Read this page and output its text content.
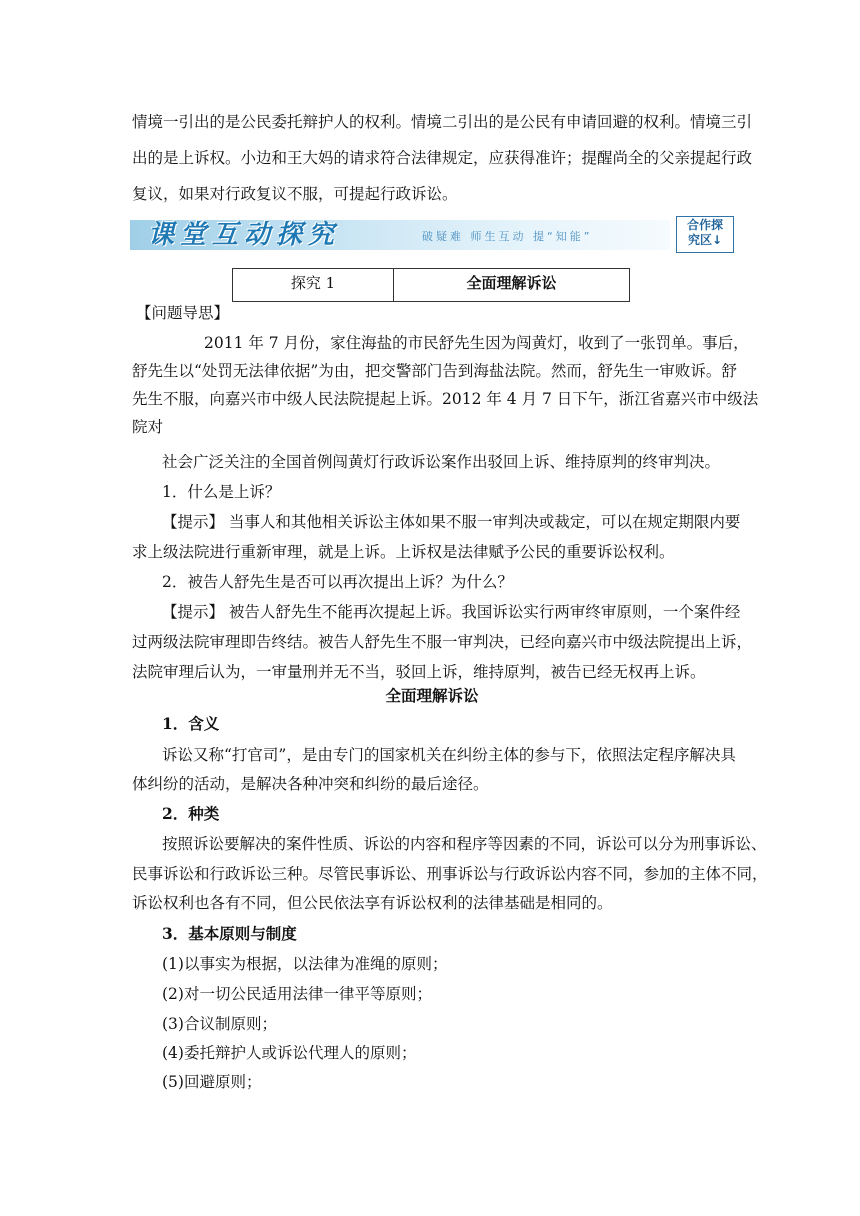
情境一引出的是公民委托辩护人的权利。情境二引出的是公民有申请回避的权利。情境三引
出的是上诉权。小边和王大妈的请求符合法律规定，应获得准许；提醒尚全的父亲提起行政
复议，如果对行政复议不服，可提起行政诉讼。
课堂互动探究	破疑难 师生互动 提“知能”
合作探
究区↓
探究 1	全面理解诉讼
【问题导思】
2011 年 7 月份，家住海盐的市民舒先生因为闯黄灯，收到了一张罚单。事后，
舒先生以“处罚无法律依据”为由，把交警部门告到海盐法院。然而，舒先生一审败诉。舒
先生不服，向嘉兴市中级人民法院提起上诉。2012 年 4 月 7 日下午，浙江省嘉兴市中级法
院对
社会广泛关注的全国首例闯黄灯行政诉讼案作出驳回上诉、维持原判的终审判决。
1．什么是上诉？
【提示】 当事人和其他相关诉讼主体如果不服一审判决或裁定，可以在规定期限内要
求上级法院进行重新审理，就是上诉。上诉权是法律赋予公民的重要诉讼权利。
2．被告人舒先生是否可以再次提出上诉？为什么？
【提示】 被告人舒先生不能再次提起上诉。我国诉讼实行两审终审原则，一个案件经
过两级法院审理即告终结。被告人舒先生不服一审判决，已经向嘉兴市中级法院提出上诉，
法院审理后认为，一审量刑并无不当，驳回上诉，维持原判，被告已经无权再上诉。
全面理解诉讼
1．含义
诉讼又称“打官司”，是由专门的国家机关在纠纷主体的参与下，依照法定程序解决具
体纠纷的活动，是解决各种冲突和纠纷的最后途径。
2．种类
按照诉讼要解决的案件性质、诉讼的内容和程序等因素的不同，诉讼可以分为刑事诉讼、
民事诉讼和行政诉讼三种。尽管民事诉讼、刑事诉讼与行政诉讼内容不同，参加的主体不同，
诉讼权利也各有不同，但公民依法享有诉讼权利的法律基础是相同的。
3．基本原则与制度
(1)以事实为根据，以法律为准绳的原则；
(2)对一切公民适用法律一律平等原则；
(3)合议制原则；
(4)委托辩护人或诉讼代理人的原则；
(5)回避原则；
